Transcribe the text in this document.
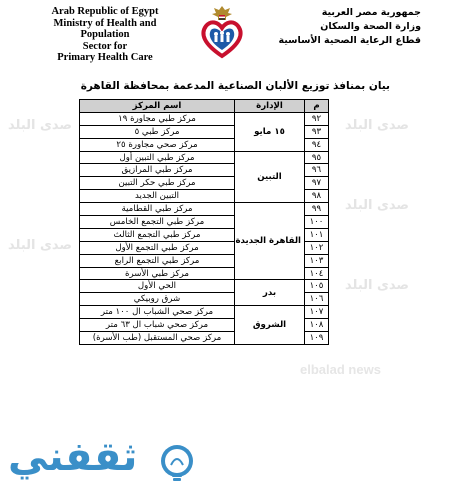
Arab Republic of Egypt
Ministry of Health and Population
Sector for
Primary Health Care
جمهورية مصر العربية
وزارة الصحة والسكان
قطاع الرعاية الصحية الأساسية
بيان بمنافذ توزيع الألبان الصناعية المدعمة بمحافظة القاهرة
م	الإدارة	اسم المركز
٩٢	١٥ مايو	مركز طبي مجاورة ١٩
٩٣		مركز طبي ٥
٩٤		مركز صحي مجاورة ٢٥
٩٥	التبين	مركز طبي التبين أول
٩٦		مركز طبي المرازيق
٩٧		مركز طبي حكر التبين
٩٨		التبين الجديد
٩٩	القاهرة الجديدة	مركز طبي القطامية
١٠٠		مركز طبي التجمع الخامس
١٠١		مركز طبي التجمع الثالث
١٠٢		مركز طبي التجمع الأول
١٠٣		مركز طبي التجمع الرابع
١٠٤		مركز طبي الأسرة
١٠٥	بدر	الحي الأول
١٠٦		شرق روبيكي
١٠٧	الشروق	مركز صحي الشباب ال ١٠٠ متر
١٠٨		مركز صحي شباب ال ٦٣ متر
١٠٩		مركز صحي المستقبل (طب الأسرة)
صدى البلد
صدى البلد
صدى البلد
صدى البلد
صدى البلد
elbalad news
ثقفني
